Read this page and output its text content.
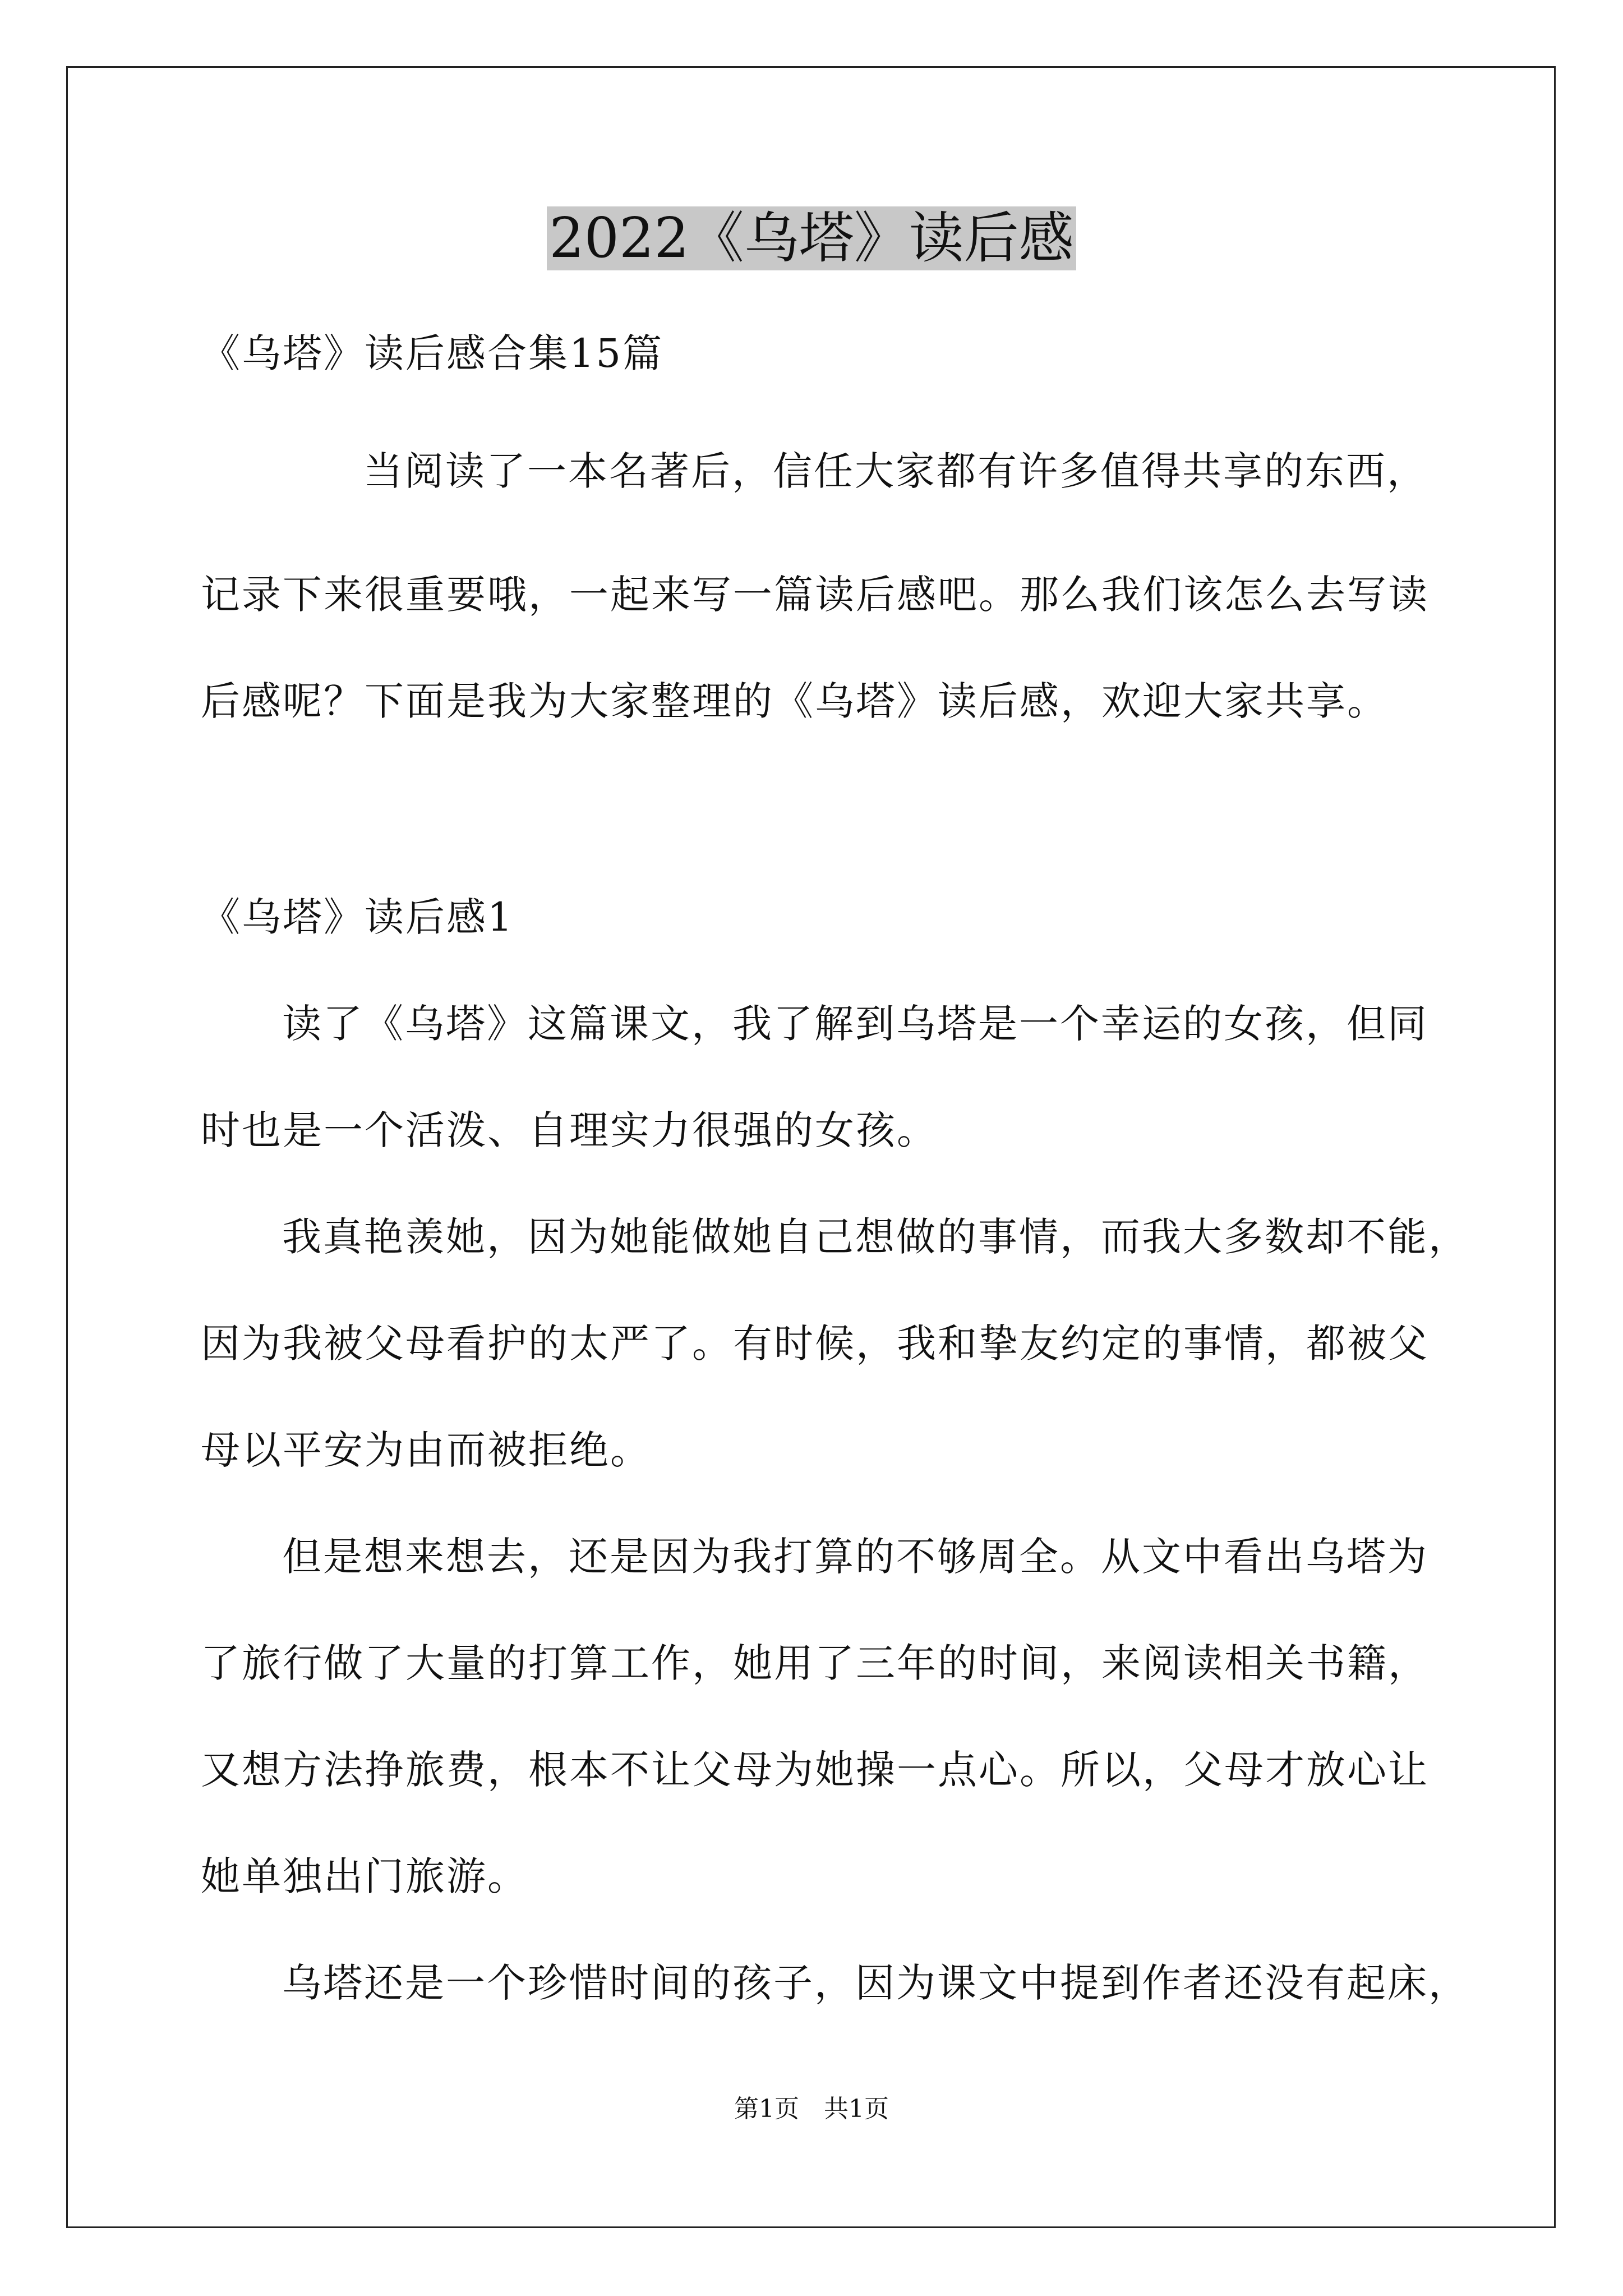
2022《乌塔》读后感
《乌塔》读后感合集15篇
当阅读了一本名著后，信任大家都有许多值得共享的东西，
记录下来很重要哦，一起来写一篇读后感吧。那么我们该怎么去写读
后感呢？下面是我为大家整理的《乌塔》读后感，欢迎大家共享。
《乌塔》读后感1
读了《乌塔》这篇课文，我了解到乌塔是一个幸运的女孩，但同
时也是一个活泼、自理实力很强的女孩。
我真艳羡她，因为她能做她自己想做的事情，而我大多数却不能，
因为我被父母看护的太严了。有时候，我和挚友约定的事情，都被父
母以平安为由而被拒绝。
但是想来想去，还是因为我打算的不够周全。从文中看出乌塔为
了旅行做了大量的打算工作，她用了三年的时间，来阅读相关书籍，
又想方法挣旅费，根本不让父母为她操一点心。所以，父母才放心让
她单独出门旅游。
乌塔还是一个珍惜时间的孩子，因为课文中提到作者还没有起床，
第1页　共1页
